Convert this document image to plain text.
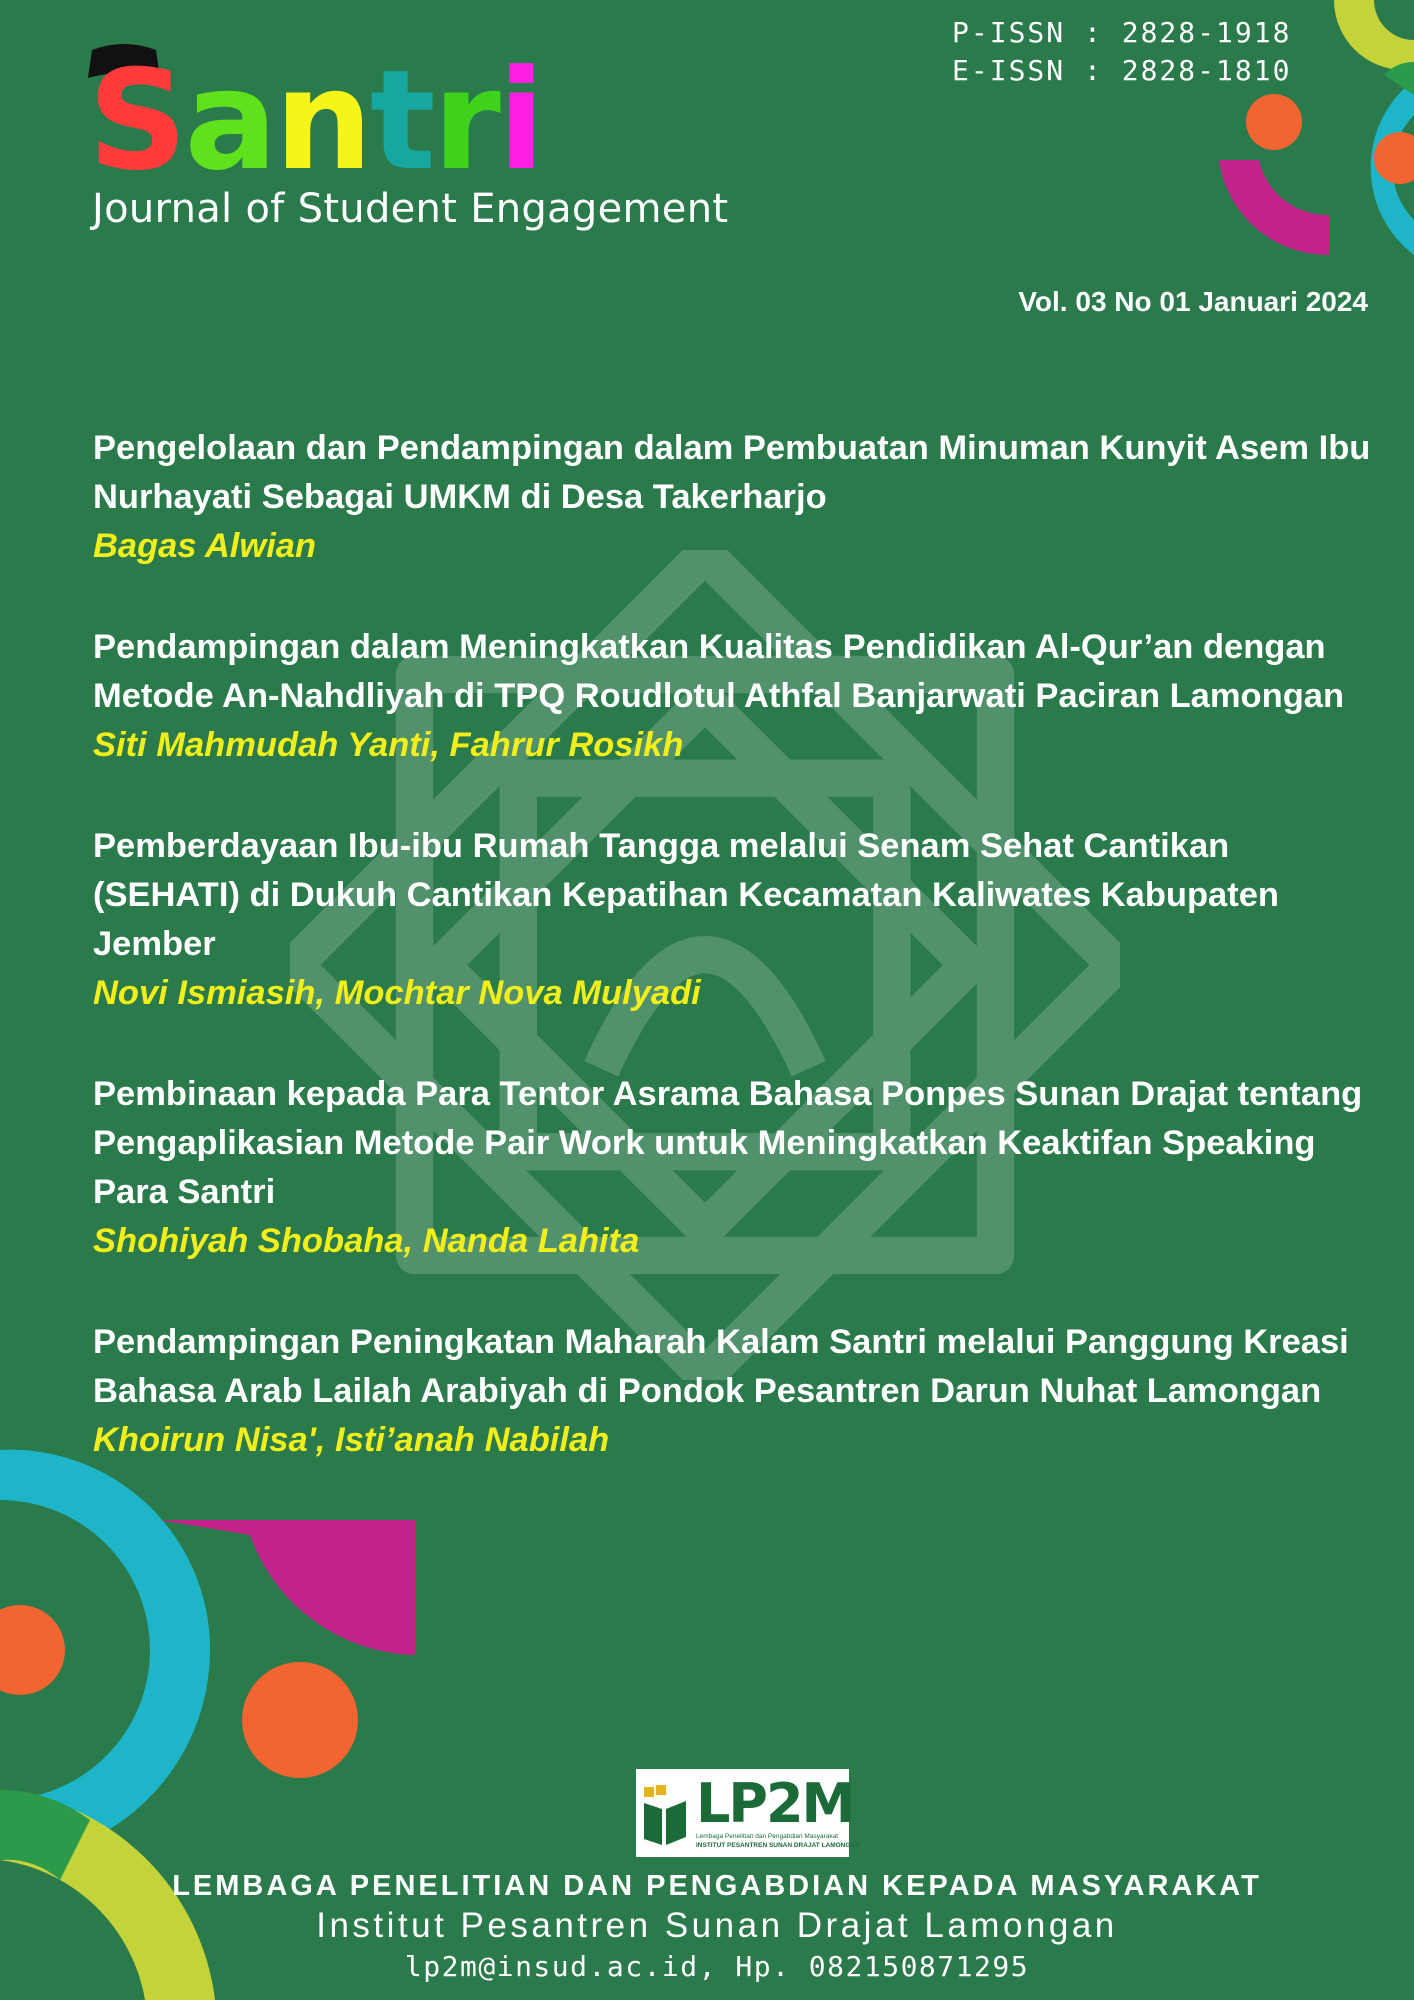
Santri
Journal of Student Engagement
P-ISSN : 2828-1918
E-ISSN : 2828-1810
Vol. 03 No 01 Januari 2024
Pengelolaan dan Pendampingan dalam Pembuatan Minuman Kunyit Asem Ibu Nurhayati Sebagai UMKM di Desa Takerharjo
Bagas Alwian
Pendampingan dalam Meningkatkan Kualitas Pendidikan Al-Qur’an dengan Metode An-Nahdliyah di TPQ Roudlotul Athfal Banjarwati Paciran Lamongan
Siti Mahmudah Yanti, Fahrur Rosikh
Pemberdayaan Ibu-ibu Rumah Tangga melalui Senam Sehat Cantikan (SEHATI) di Dukuh Cantikan Kepatihan Kecamatan Kaliwates Kabupaten Jember
Novi Ismiasih, Mochtar Nova Mulyadi
Pembinaan kepada Para Tentor Asrama Bahasa Ponpes Sunan Drajat tentang Pengaplikasian Metode Pair Work untuk Meningkatkan Keaktifan Speaking Para Santri
Shohiyah Shobaha, Nanda Lahita
Pendampingan Peningkatan Maharah Kalam Santri melalui Panggung Kreasi Bahasa Arab Lailah Arabiyah di Pondok Pesantren Darun Nuhat Lamongan
Khoirun Nisa', Isti’anah Nabilah
LP2M
Lembaga Penelitian dan Pengabdian Masyarakat
INSTITUT PESANTREN SUNAN DRAJAT LAMONGAN
LEMBAGA PENELITIAN DAN PENGABDIAN KEPADA MASYARAKAT
Institut Pesantren Sunan Drajat Lamongan
lp2m@insud.ac.id, Hp. 082150871295
